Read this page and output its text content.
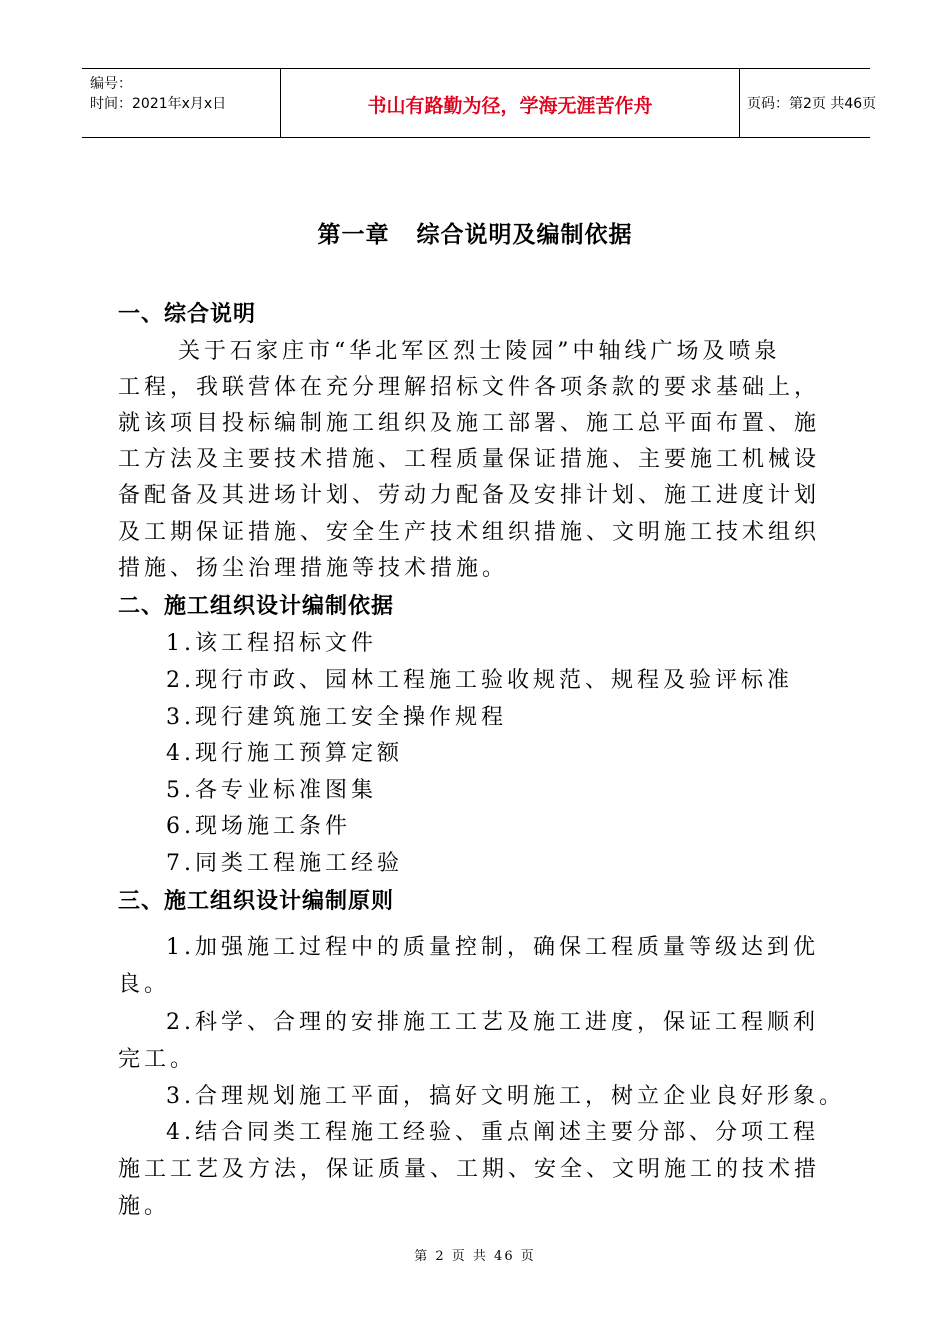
编号：
时间：2021年x月x日	书山有路勤为径，学海无涯苦作舟	页码：第2页 共46页
第一章   综合说明及编制依据
一、综合说明
关于石家庄市“华北军区烈士陵园”中轴线广场及喷泉
工程，我联营体在充分理解招标文件各项条款的要求基础上，
就该项目投标编制施工组织及施工部署、施工总平面布置、施
工方法及主要技术措施、工程质量保证措施、主要施工机械设
备配备及其进场计划、劳动力配备及安排计划、施工进度计划
及工期保证措施、安全生产技术组织措施、文明施工技术组织
措施、扬尘治理措施等技术措施。
二、施工组织设计编制依据
1.该工程招标文件
2.现行市政、园林工程施工验收规范、规程及验评标准
3.现行建筑施工安全操作规程
4.现行施工预算定额
5.各专业标准图集
6.现场施工条件
7.同类工程施工经验
三、施工组织设计编制原则
1.加强施工过程中的质量控制，确保工程质量等级达到优
良。
2.科学、合理的安排施工工艺及施工进度，保证工程顺利
完工。
3.合理规划施工平面，搞好文明施工，树立企业良好形象。
4.结合同类工程施工经验、重点阐述主要分部、分项工程
施工工艺及方法，保证质量、工期、安全、文明施工的技术措
施。
第 2 页 共 46 页
